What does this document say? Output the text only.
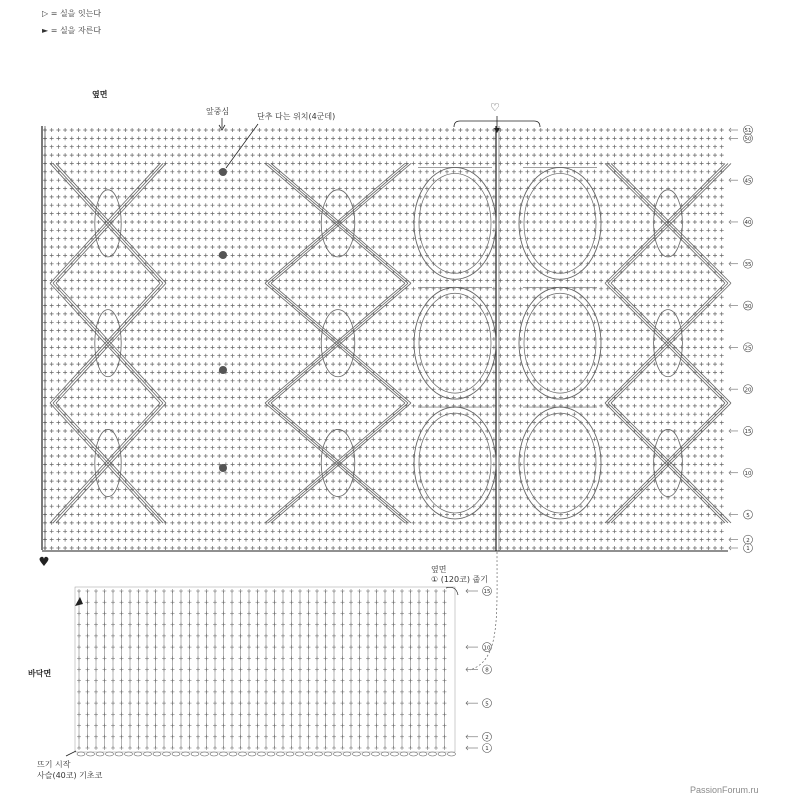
▷ = 실을 잇는다
► = 실을 자른다
옆면
앞중심
단추 다는 위치(4군데)
♡
옆면
① (120코) 줍기
바닥면
뜨기 시작
사슬(40코) 기초코
PassionForum.ru
51
50
45
40
35
30
25
20
15
10
5
2
1
15
10
8
5
2
1
